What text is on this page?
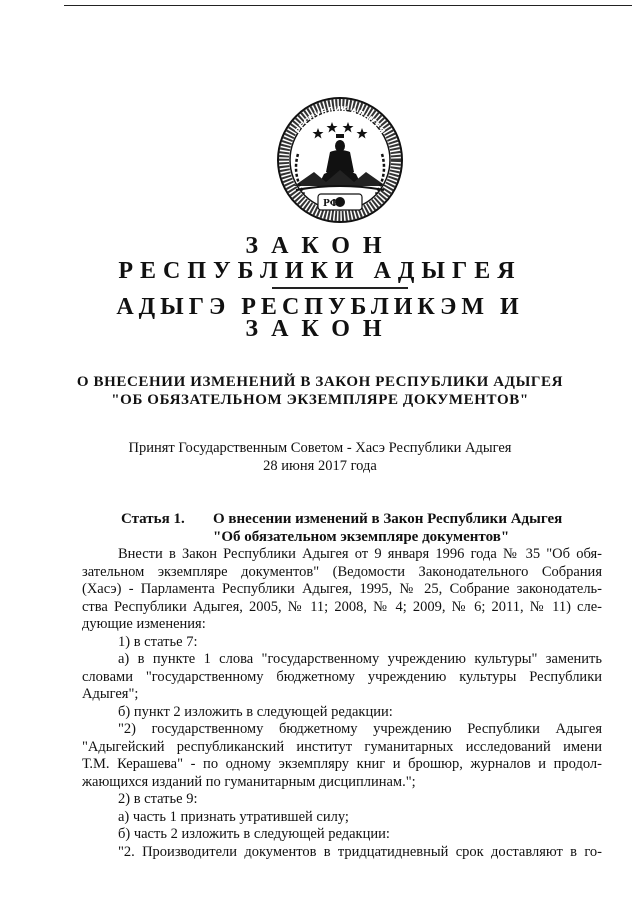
РЕСПУБЛИК АДЫГЕЯ
РФ
ЗАКОН
РЕСПУБЛИКИ АДЫГЕЯ
АДЫГЭ РЕСПУБЛИКЭМ И
ЗАКОН
О ВНЕСЕНИИ ИЗМЕНЕНИЙ В ЗАКОН РЕСПУБЛИКИ АДЫГЕЯ
"ОБ ОБЯЗАТЕЛЬНОМ ЭКЗЕМПЛЯРЕ ДОКУМЕНТОВ"
Принят Государственным Советом - Хасэ Республики Адыгея
28 июня 2017 года
Статья 1. О внесении изменений в Закон Республики Адыгея
"Об обязательном экземпляре документов"
Внести в Закон Республики Адыгея от 9 января 1996 года № 35 "Об обя-
зательном экземпляре документов" (Ведомости Законодательного Собрания
(Хасэ) - Парламента Республики Адыгея, 1995, № 25, Собрание законодатель-
ства Республики Адыгея, 2005, № 11; 2008, № 4; 2009, № 6; 2011, № 11) сле-
дующие изменения:
1) в статье 7:
а) в пункте 1 слова "государственному учреждению культуры" заменить
словами "государственному бюджетному учреждению культуры Республики
Адыгея";
б) пункт 2 изложить в следующей редакции:
"2) государственному бюджетному учреждению Республики Адыгея
"Адыгейский республиканский институт гуманитарных исследований имени
Т.М. Керашева" - по одному экземпляру книг и брошюр, журналов и продол-
жающихся изданий по гуманитарным дисциплинам.";
2) в статье 9:
а) часть 1 признать утратившей силу;
б) часть 2 изложить в следующей редакции:
"2. Производители документов в тридцатидневный срок доставляют в го-
